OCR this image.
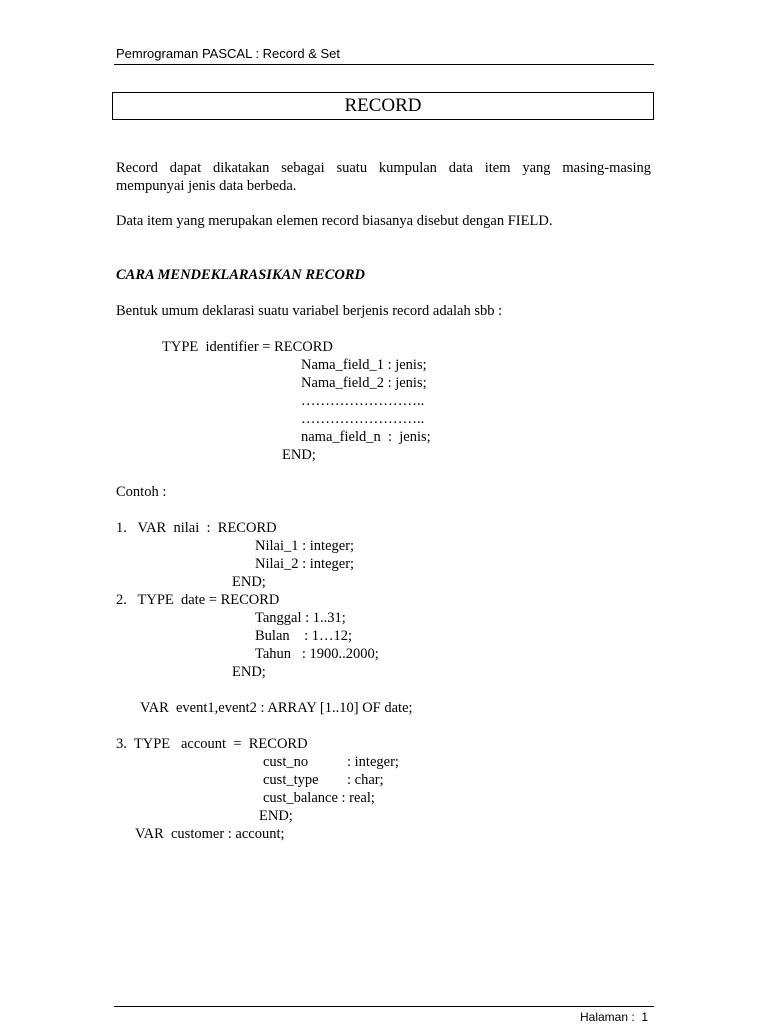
Pemrograman PASCAL : Record & Set
RECORD
Record dapat dikatakan sebagai suatu kumpulan data item yang masing-masing
mempunyai jenis data berbeda.
Data item yang merupakan elemen record biasanya disebut dengan FIELD.
CARA MENDEKLARASIKAN RECORD
Bentuk umum deklarasi suatu variabel berjenis record adalah sbb :
TYPE  identifier = RECORD
Nama_field_1 : jenis;
Nama_field_2 : jenis;
……………………..
……………………..
nama_field_n  :  jenis;
END;
Contoh :
1.   VAR  nilai  :  RECORD
Nilai_1 : integer;
Nilai_2 : integer;
END;
2.   TYPE  date = RECORD
Tanggal : 1..31;
Bulan    : 1…12;
Tahun   : 1900..2000;
END;
VAR  event1,event2 : ARRAY [1..10] OF date;
3.  TYPE   account  =  RECORD
cust_no	: integer;
cust_type : char;
cust_balance : real;
END;
VAR  customer : account;
Halaman :  1
